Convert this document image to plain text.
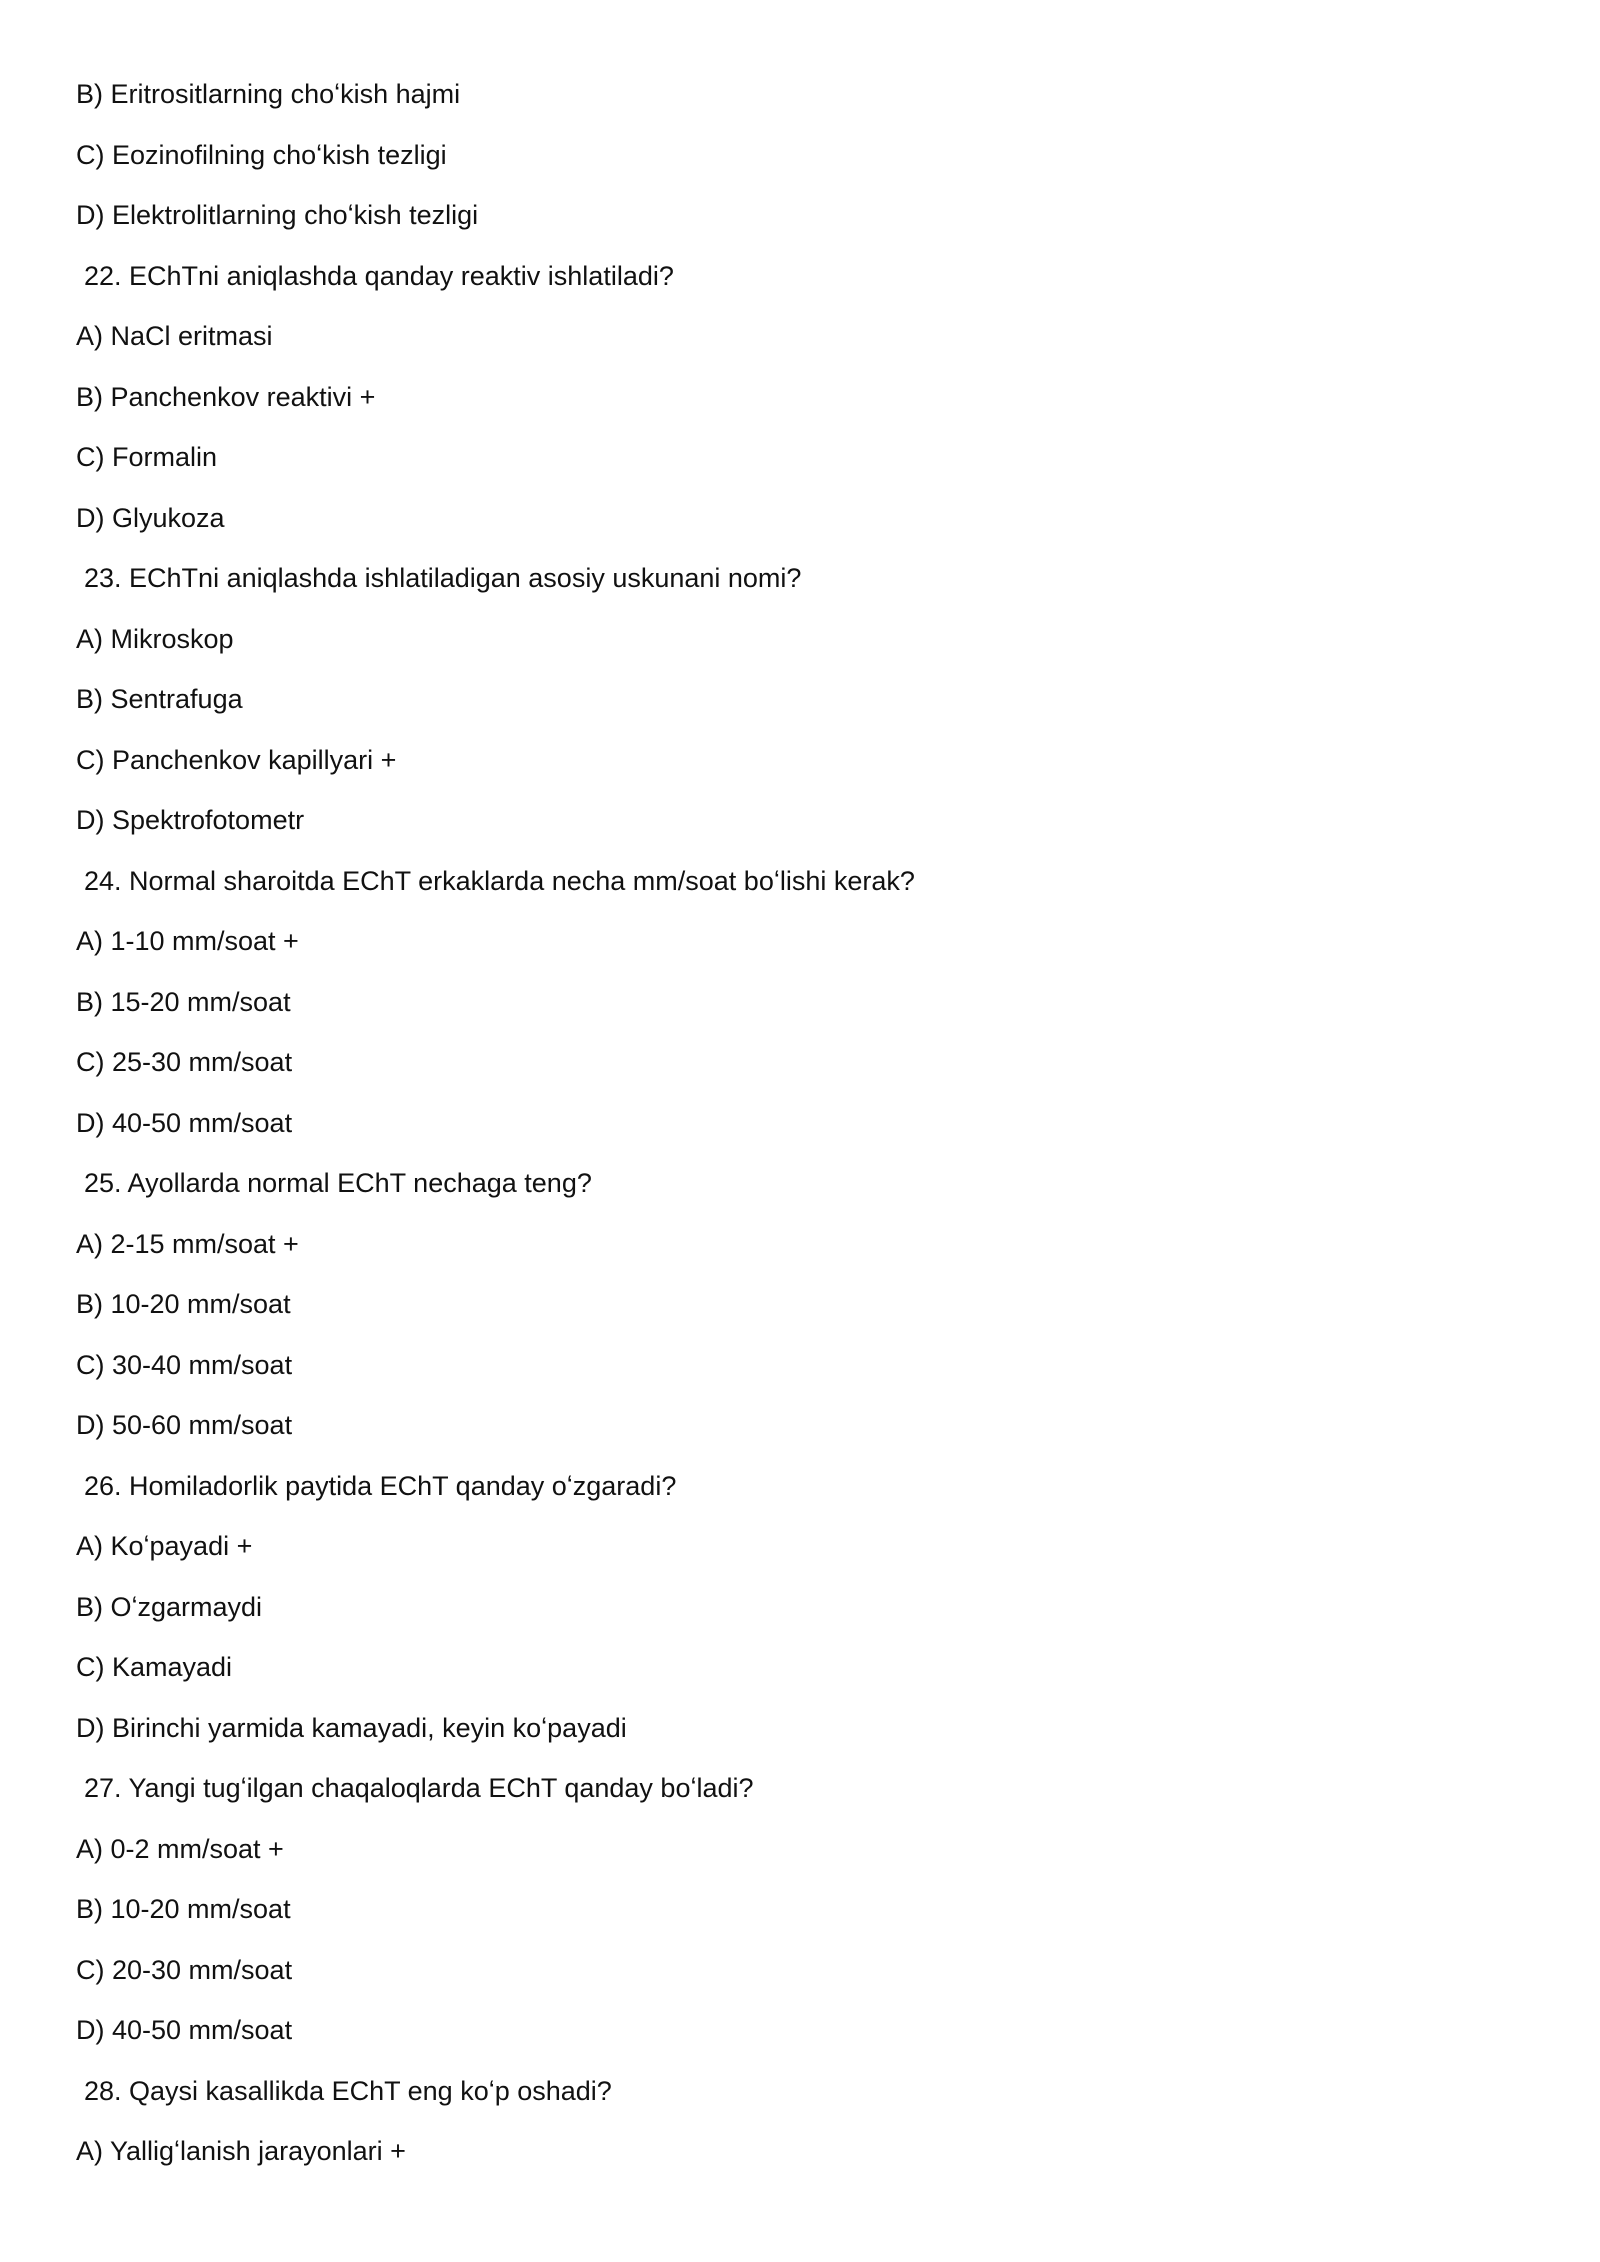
B) Eritrositlarning choʻkish hajmi
C) Eozinofilning choʻkish tezligi
D) Elektrolitlarning choʻkish tezligi
22. EChTni aniqlashda qanday reaktiv ishlatiladi?
A) NaCl eritmasi
B) Panchenkov reaktivi +
C) Formalin
D) Glyukoza
23. EChTni aniqlashda ishlatiladigan asosiy uskunani nomi?
A) Mikroskop
B) Sentrafuga
C) Panchenkov kapillyari +
D) Spektrofotometr
24. Normal sharoitda EChT erkaklarda necha mm/soat boʻlishi kerak?
A) 1-10 mm/soat +
B) 15-20 mm/soat
C) 25-30 mm/soat
D) 40-50 mm/soat
25. Ayollarda normal EChT nechaga teng?
A) 2-15 mm/soat +
B) 10-20 mm/soat
C) 30-40 mm/soat
D) 50-60 mm/soat
26. Homiladorlik paytida EChT qanday oʻzgaradi?
A) Koʻpayadi +
B) Oʻzgarmaydi
C) Kamayadi
D) Birinchi yarmida kamayadi, keyin koʻpayadi
27. Yangi tugʻilgan chaqaloqlarda EChT qanday boʻladi?
A) 0-2 mm/soat +
B) 10-20 mm/soat
C) 20-30 mm/soat
D) 40-50 mm/soat
28. Qaysi kasallikda EChT eng koʻp oshadi?
A) Yalligʻlanish jarayonlari +
